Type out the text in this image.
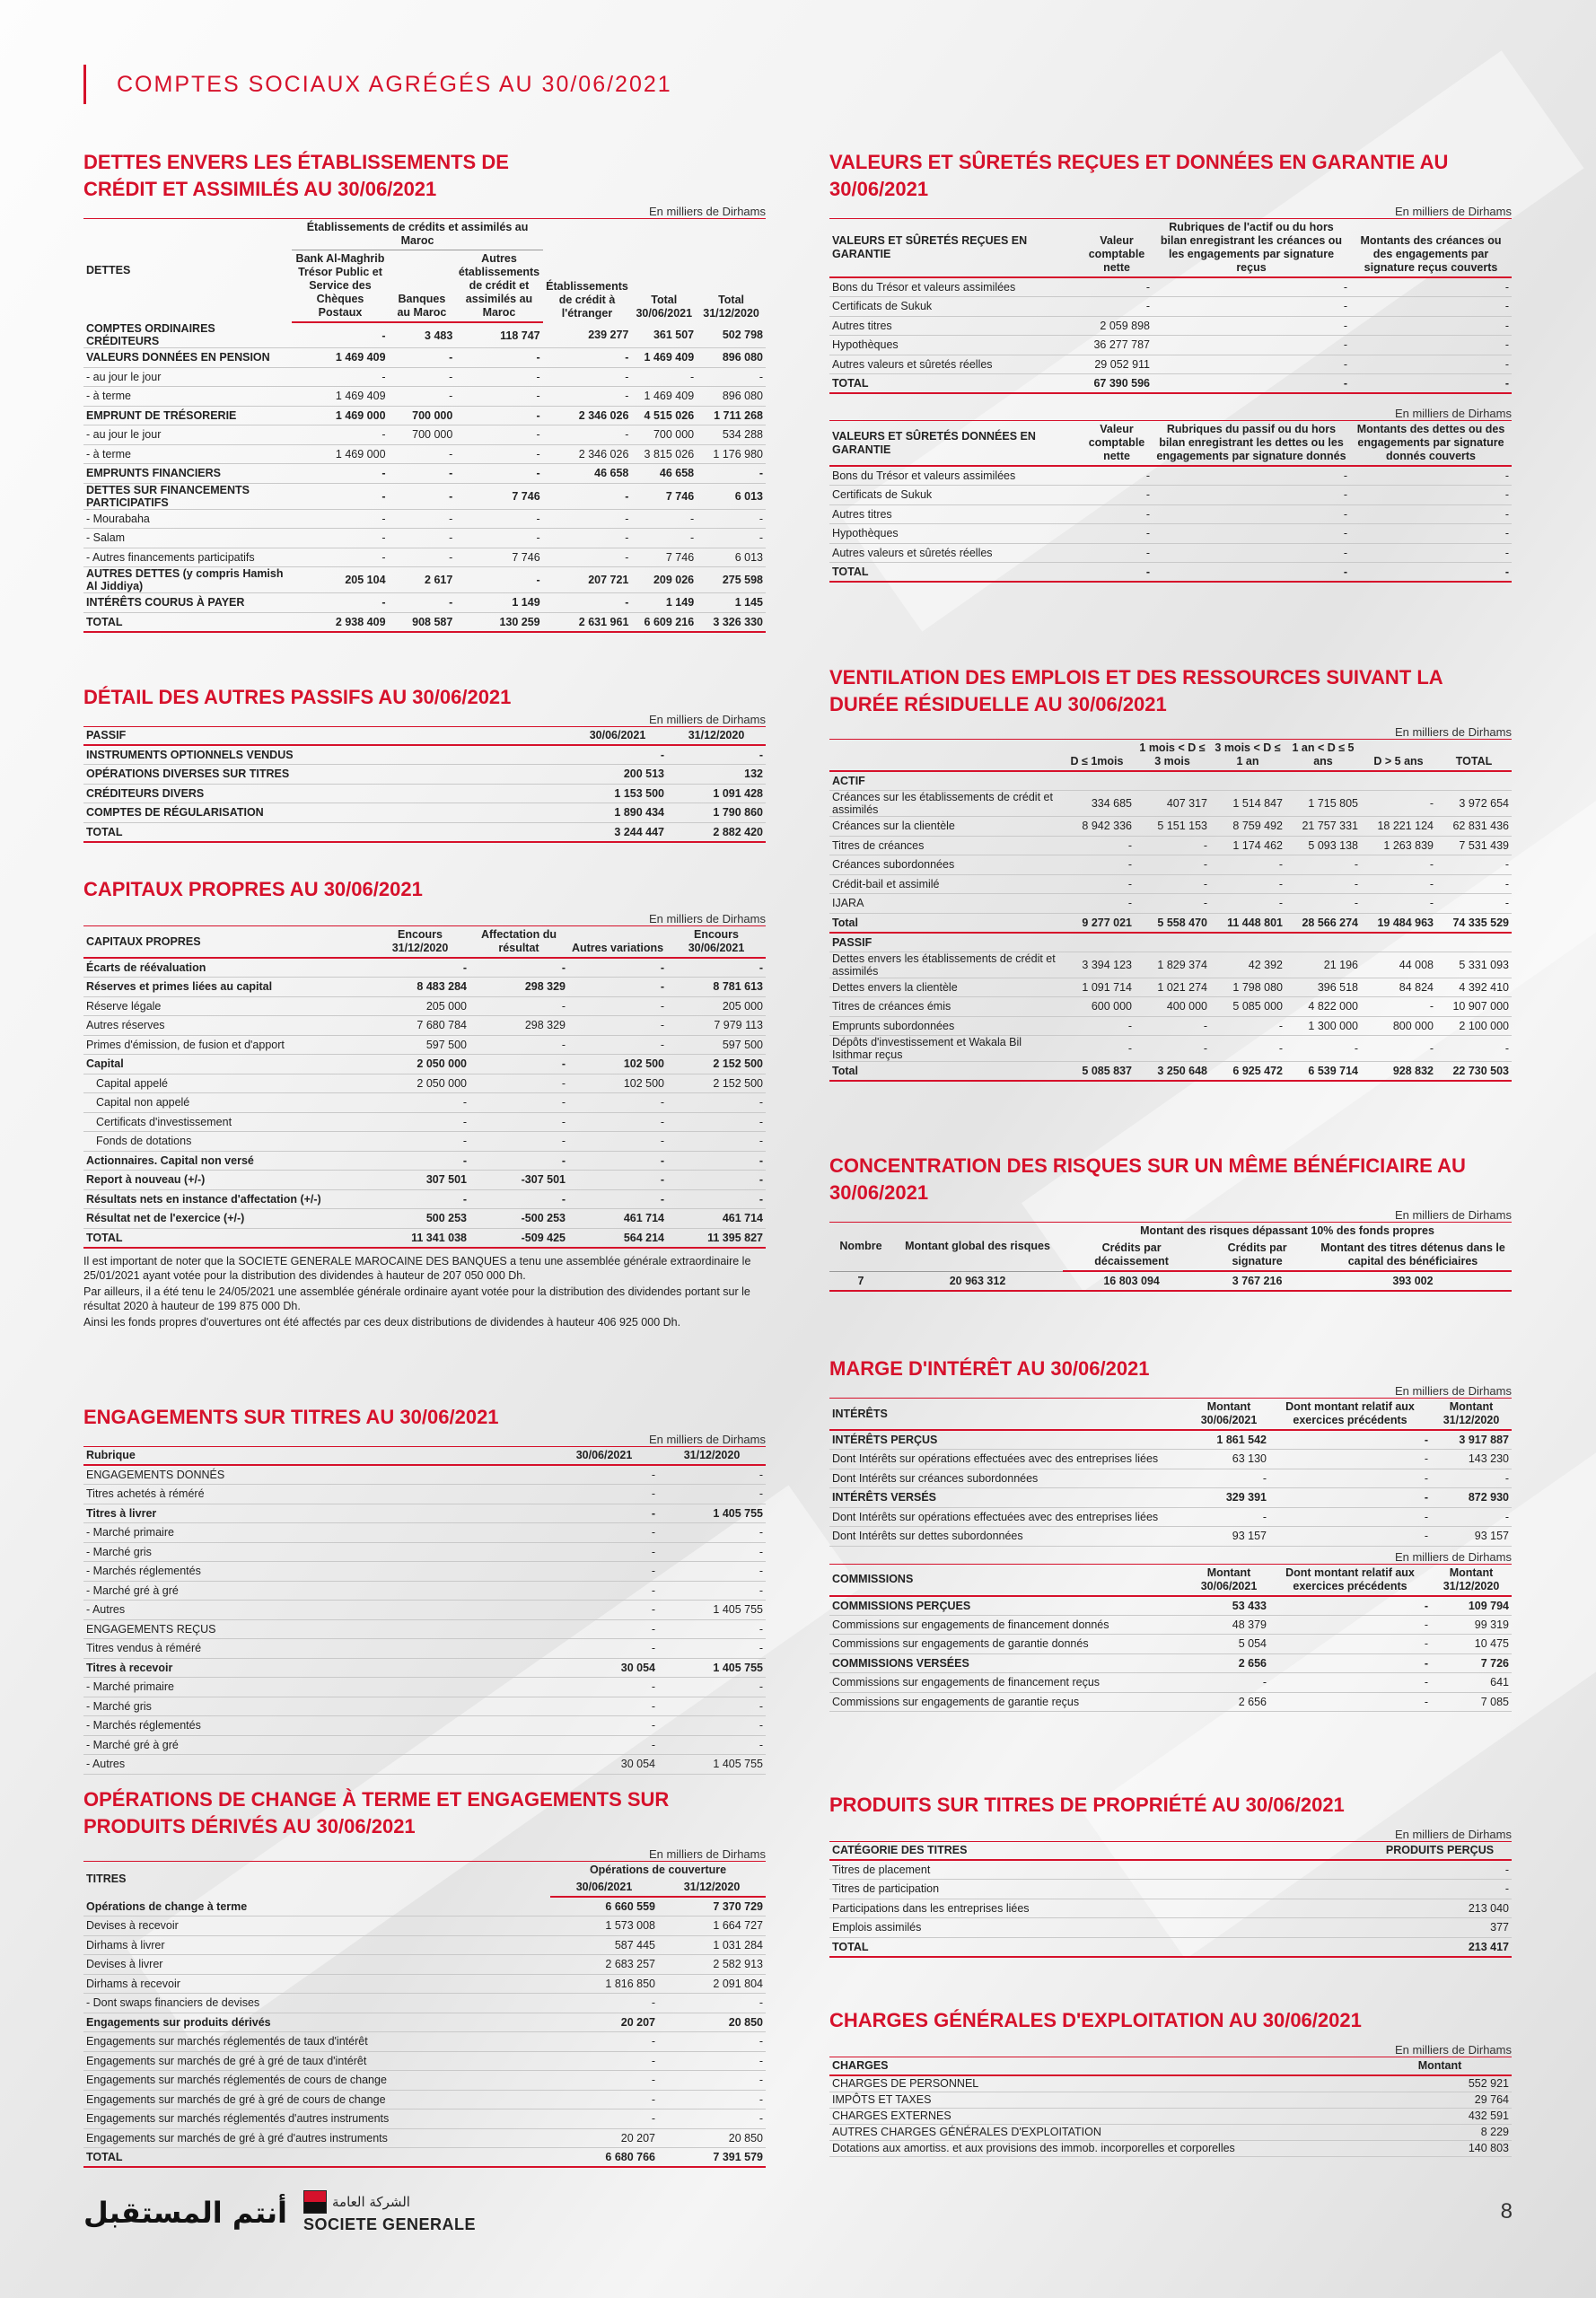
COMPTES SOCIAUX AGRÉGÉS AU 30/06/2021
DETTES ENVERS LES ÉTABLISSEMENTS DE CRÉDIT ET ASSIMILÉS AU 30/06/2021
En milliers de Dirhams
DETTES	Établissements de crédits et assimilés au Maroc			Établissements de crédit à l'étranger	Total 30/06/2021	Total 31/12/2020
	Bank Al-Maghrib Trésor Public et Service des Chèques Postaux	Banques au Maroc	Autres établissements de crédit et assimilés au Maroc			
COMPTES ORDINAIRES CRÉDITEURS	-	3 483	118 747	239 277	361 507	502 798
VALEURS DONNÉES EN PENSION	1 469 409	-	-	-	1 469 409	896 080
- au jour le jour	-	-	-	-	-	-
- à terme	1 469 409	-	-	-	1 469 409	896 080
EMPRUNT DE TRÉSORERIE	1 469 000	700 000	-	2 346 026	4 515 026	1 711 268
- au jour le jour	-	700 000	-	-	700 000	534 288
- à terme	1 469 000	-	-	2 346 026	3 815 026	1 176 980
EMPRUNTS FINANCIERS	-	-	-	46 658	46 658	-
DETTES SUR FINANCEMENTS PARTICIPATIFS	-	-	7 746	-	7 746	6 013
- Mourabaha	-	-	-	-	-	-
- Salam	-	-	-	-	-	-
- Autres financements participatifs	-	-	7 746	-	7 746	6 013
AUTRES DETTES (y compris Hamish Al Jiddiya)	205 104	2 617	-	207 721	209 026	275 598
INTÉRÊTS COURUS À PAYER	-	-	1 149	-	1 149	1 145
TOTAL	2 938 409	908 587	130 259	2 631 961	6 609 216	3 326 330
DÉTAIL DES AUTRES PASSIFS AU 30/06/2021
En milliers de Dirhams
PASSIF	30/06/2021	31/12/2020
INSTRUMENTS OPTIONNELS VENDUS	-	-
OPÉRATIONS DIVERSES SUR TITRES	200 513	132
CRÉDITEURS DIVERS	1 153 500	1 091 428
COMPTES DE RÉGULARISATION	1 890 434	1 790 860
TOTAL	3 244 447	2 882 420
CAPITAUX PROPRES AU 30/06/2021
En milliers de Dirhams
CAPITAUX PROPRES	Encours 31/12/2020	Affectation du résultat	Autres variations	Encours 30/06/2021
Écarts de réévaluation	-	-	-	-
Réserves et primes liées au capital	8 483 284	298 329	-	8 781 613
Réserve légale	205 000	-	-	205 000
Autres réserves	7 680 784	298 329	-	7 979 113
Primes d'émission, de fusion et d'apport	597 500	-	-	597 500
Capital	2 050 000	-	102 500	2 152 500
Capital appelé	2 050 000	-	102 500	2 152 500
Capital non appelé	-	-	-	-
Certificats d'investissement	-	-	-	-
Fonds de dotations	-	-	-	-
Actionnaires. Capital non versé	-	-	-	-
Report à nouveau (+/-)	307 501	-307 501	-	-
Résultats nets en instance d'affectation (+/-)	-	-	-	-
Résultat net de l'exercice (+/-)	500 253	-500 253	461 714	461 714
TOTAL	11 341 038	-509 425	564 214	11 395 827
Il est important de noter que la SOCIETE GENERALE MAROCAINE DES BANQUES a tenu une assemblée générale extraordinaire le 25/01/2021 ayant votée pour la distribution des dividendes à hauteur de 207 050 000 Dh.
Par ailleurs, il a été tenu le 24/05/2021 une assemblée générale ordinaire ayant votée pour la distribution des dividendes portant sur le résultat 2020 à hauteur de 199 875 000 Dh.
Ainsi les fonds propres d'ouvertures ont été affectés par ces deux distributions de dividendes à hauteur 406 925 000 Dh.
ENGAGEMENTS SUR TITRES AU 30/06/2021
En milliers de Dirhams
Rubrique	30/06/2021	31/12/2020
ENGAGEMENTS DONNÉS	-	-
Titres achetés à réméré	-	-
Titres à livrer	-	1 405 755
- Marché primaire	-	-
- Marché gris	-	-
- Marchés réglementés	-	-
- Marché gré à gré	-	-
- Autres	-	1 405 755
ENGAGEMENTS REÇUS	-	-
Titres vendus à réméré	-	-
Titres à recevoir	30 054	1 405 755
- Marché primaire	-	-
- Marché gris	-	-
- Marchés réglementés	-	-
- Marché gré à gré	-	-
- Autres	30 054	1 405 755
OPÉRATIONS DE CHANGE À TERME ET ENGAGEMENTS SUR PRODUITS DÉRIVÉS AU 30/06/2021
En milliers de Dirhams
TITRES	Opérations de couverture	
	30/06/2021	31/12/2020
Opérations de change à terme	6 660 559	7 370 729
Devises à recevoir	1 573 008	1 664 727
Dirhams à livrer	587 445	1 031 284
Devises à livrer	2 683 257	2 582 913
Dirhams à recevoir	1 816 850	2 091 804
- Dont swaps financiers de devises	-	-
Engagements sur produits dérivés	20 207	20 850
Engagements sur marchés réglementés de taux d'intérêt	-	-
Engagements sur marchés de gré à gré de taux d'intérêt	-	-
Engagements sur marchés réglementés de cours de change	-	-
Engagements sur marchés de gré à gré de cours de change	-	-
Engagements sur marchés réglementés d'autres instruments	-	-
Engagements sur marchés de gré à gré d'autres instruments	20 207	20 850
TOTAL	6 680 766	7 391 579
VALEURS ET SÛRETÉS REÇUES ET DONNÉES EN GARANTIE AU 30/06/2021
En milliers de Dirhams
VALEURS ET SÛRETÉS REÇUES EN GARANTIE	Valeur comptable nette	Rubriques de l'actif ou du hors bilan enregistrant les créances ou les engagements par signature reçus	Montants des créances ou des engagements par signature reçus couverts
Bons du Trésor et valeurs assimilées	-	-	-
Certificats de Sukuk	-	-	-
Autres titres	2 059 898	-	-
Hypothèques	36 277 787	-	-
Autres valeurs et sûretés réelles	29 052 911	-	-
TOTAL	67 390 596	-	-
En milliers de Dirhams
VALEURS ET SÛRETÉS DONNÉES EN GARANTIE	Valeur comptable nette	Rubriques du passif ou du hors bilan enregistrant les dettes ou les engagements par signature donnés	Montants des dettes ou des engagements par signature donnés couverts
Bons du Trésor et valeurs assimilées	-	-	-
Certificats de Sukuk	-	-	-
Autres titres	-	-	-
Hypothèques	-	-	-
Autres valeurs et sûretés réelles	-	-	-
TOTAL	-	-	-
VENTILATION DES EMPLOIS ET DES RESSOURCES SUIVANT LA DURÉE RÉSIDUELLE AU 30/06/2021
En milliers de Dirhams
	D ≤ 1mois	1 mois < D ≤ 3 mois	3 mois < D ≤ 1 an	1 an < D ≤ 5 ans	D > 5 ans	TOTAL
ACTIF						
Créances sur les établissements de crédit et assimilés	334 685	407 317	1 514 847	1 715 805	-	3 972 654
Créances sur la clientèle	8 942 336	5 151 153	8 759 492	21 757 331	18 221 124	62 831 436
Titres de créances	-	-	1 174 462	5 093 138	1 263 839	7 531 439
Créances subordonnées	-	-	-	-	-	-
Crédit-bail et assimilé	-	-	-	-	-	-
IJARA	-	-	-	-	-	-
Total	9 277 021	5 558 470	11 448 801	28 566 274	19 484 963	74 335 529
PASSIF						
Dettes envers les établissements de crédit et assimilés	3 394 123	1 829 374	42 392	21 196	44 008	5 331 093
Dettes envers la clientèle	1 091 714	1 021 274	1 798 080	396 518	84 824	4 392 410
Titres de créances émis	600 000	400 000	5 085 000	4 822 000	-	10 907 000
Emprunts subordonnées	-	-	-	1 300 000	800 000	2 100 000
Dépôts d'investissement et Wakala Bil Isithmar reçus	-	-	-	-	-	-
Total	5 085 837	3 250 648	6 925 472	6 539 714	928 832	22 730 503
CONCENTRATION DES RISQUES SUR UN MÊME BÉNÉFICIAIRE AU 30/06/2021
En milliers de Dirhams
Nombre	Montant global des risques	Montant des risques dépassant 10% des fonds propres		
		Crédits par décaissement	Crédits par signature	Montant des titres détenus dans le capital des bénéficiaires
7	20 963 312	16 803 094	3 767 216	393 002
MARGE D'INTÉRÊT AU 30/06/2021
En milliers de Dirhams
INTÉRÊTS	Montant 30/06/2021	Dont montant relatif aux exercices précédents	Montant 31/12/2020
INTÉRÊTS PERÇUS	1 861 542	-	3 917 887
Dont Intérêts sur opérations effectuées avec des entreprises liées	63 130	-	143 230
Dont Intérêts sur créances subordonnées	-	-	-
INTÉRÊTS VERSÉS	329 391	-	872 930
Dont Intérêts sur opérations effectuées avec des entreprises liées	-	-	-
Dont Intérêts sur dettes subordonnées	93 157	-	93 157
En milliers de Dirhams
COMMISSIONS	Montant 30/06/2021	Dont montant relatif aux exercices précédents	Montant 31/12/2020
COMMISSIONS PERÇUES	53 433	-	109 794
Commissions sur engagements de financement donnés	48 379	-	99 319
Commissions sur engagements de garantie donnés	5 054	-	10 475
COMMISSIONS VERSÉES	2 656	-	7 726
Commissions sur engagements de financement reçus	-	-	641
Commissions sur engagements de garantie reçus	2 656	-	7 085
PRODUITS SUR TITRES DE PROPRIÉTÉ AU 30/06/2021
En milliers de Dirhams
CATÉGORIE DES TITRES	PRODUITS PERÇUS
Titres de placement	-
Titres de participation	-
Participations dans les entreprises liées	213 040
Emplois assimilés	377
TOTAL	213 417
CHARGES GÉNÉRALES D'EXPLOITATION AU 30/06/2021
En milliers de Dirhams
CHARGES	Montant
CHARGES DE PERSONNEL	552 921
IMPÔTS ET TAXES	29 764
CHARGES EXTERNES	432 591
AUTRES CHARGES GÉNÉRALES D'EXPLOITATION	8 229
Dotations aux amortiss. et aux provisions des immob. incorporelles et corporelles	140 803
أنتم المستقبل	الشركة العامة
SOCIETE GENERALE
8
